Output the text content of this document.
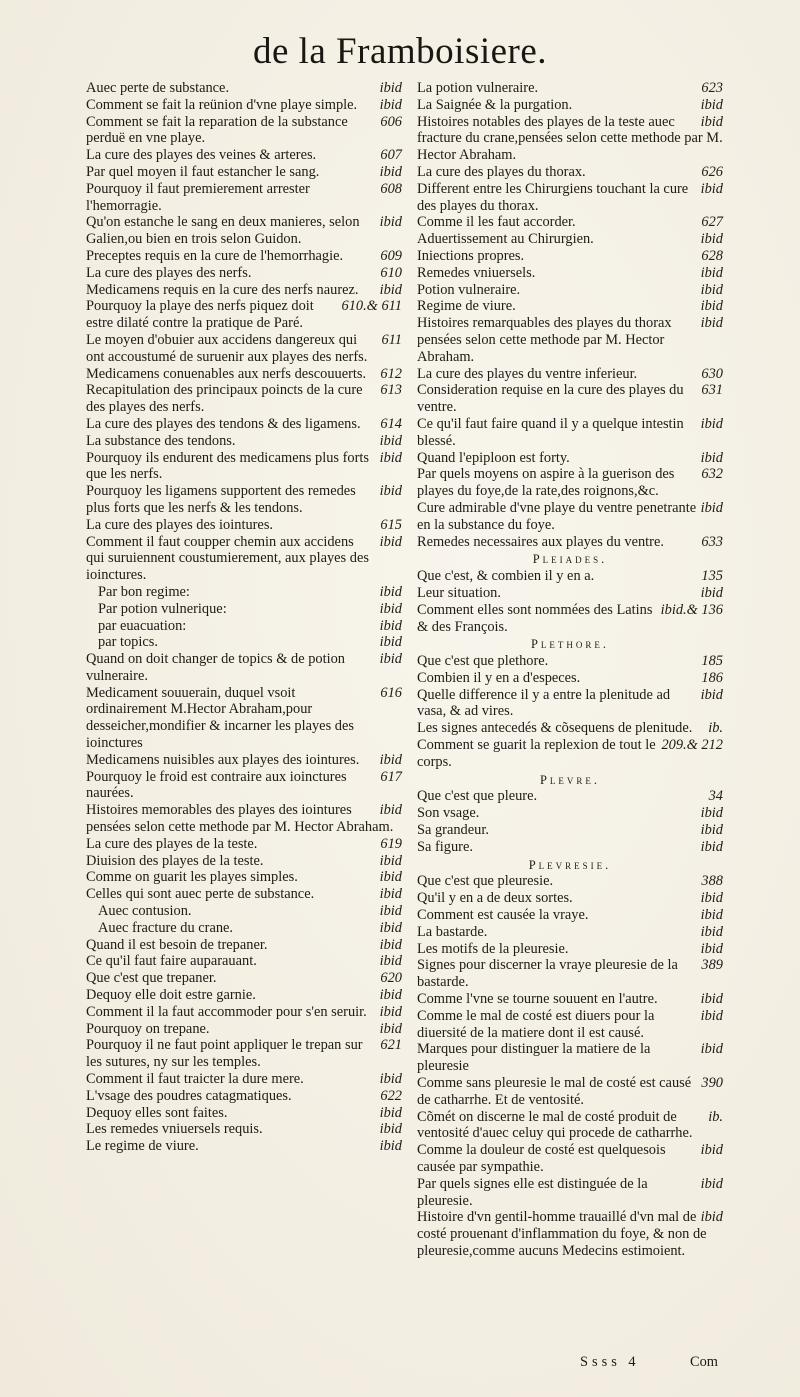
de la Framboisiere.
ibid
Auec perte de substance.
ibid
Comment se fait la reünion d'vne playe simple.
606
Comment se fait la reparation de la substance perduë en vne playe.
607
La cure des playes des veines & arteres.
ibid
Par quel moyen il faut estancher le sang.
608
Pourquoy il faut premierement arrester l'hemorragie.
ibid
Qu'on estanche le sang en deux manieres, selon Galien,ou bien en trois selon Guidon.
609
Preceptes requis en la cure de l'hemorrhagie.
610
La cure des playes des nerfs.
ibid
Medicamens requis en la cure des nerfs naurez.
610.& 611
Pourquoy la playe des nerfs piquez doit estre dilaté contre la pratique de Paré.
611
Le moyen d'obuier aux accidens dangereux qui ont accoustumé de suruenir aux playes des nerfs.
612
Medicamens conuenables aux nerfs descouuerts.
613
Recapitulation des principaux poincts de la cure des playes des nerfs.
614
La cure des playes des tendons & des ligamens.
ibid
La substance des tendons.
ibid
Pourquoy ils endurent des medicamens plus forts que les nerfs.
ibid
Pourquoy les ligamens supportent des remedes plus forts que les nerfs & les tendons.
615
La cure des playes des iointures.
ibid
Comment il faut coupper chemin aux accidens qui suruiennent coustumierement, aux playes des ioinctures.
ibid
Par bon regime:
ibid
Par potion vulnerique:
ibid
par euacuation:
ibid
par topics.
ibid
Quand on doit changer de topics & de potion vulneraire.
616
Medicament souuerain, duquel vsoit ordinairement M.Hector Abraham,pour desseicher,mondifier & incarner les playes des ioinctures
ibid
Medicamens nuisibles aux playes des iointures.
617
Pourquoy le froid est contraire aux ioinctures naurées.
ibid
Histoires memorables des playes des iointures pensées selon cette methode par M. Hector Abraham.
619
La cure des playes de la teste.
ibid
Diuision des playes de la teste.
ibid
Comme on guarit les playes simples.
ibid
Celles qui sont auec perte de substance.
ibid
Auec contusion.
ibid
Auec fracture du crane.
ibid
Quand il est besoin de trepaner.
ibid
Ce qu'il faut faire auparauant.
620
Que c'est que trepaner.
ibid
Dequoy elle doit estre garnie.
ibid
Comment il la faut accommoder pour s'en seruir.
ibid
Pourquoy on trepane.
621
Pourquoy il ne faut point appliquer le trepan sur les sutures, ny sur les temples.
ibid
Comment il faut traicter la dure mere.
622
L'vsage des poudres catagmatiques.
ibid
Dequoy elles sont faites.
ibid
Les remedes vniuersels requis.
ibid
Le regime de viure.
623
La potion vulneraire.
ibid
La Saignée & la purgation.
ibid
Histoires notables des playes de la teste auec fracture du crane,pensées selon cette methode par M. Hector Abraham.
626
La cure des playes du thorax.
ibid
Different entre les Chirurgiens touchant la cure des playes du thorax.
627
Comme il les faut accorder.
ibid
Aduertissement au Chirurgien.
628
Iniections propres.
ibid
Remedes vniuersels.
ibid
Potion vulneraire.
ibid
Regime de viure.
ibid
Histoires remarquables des playes du thorax pensées selon cette methode par M. Hector Abraham.
630
La cure des playes du ventre inferieur.
631
Consideration requise en la cure des playes du ventre.
ibid
Ce qu'il faut faire quand il y a quelque intestin blessé.
ibid
Quand l'epiploon est forty.
632
Par quels moyens on aspire à la guerison des playes du foye,de la rate,des roignons,&c.
ibid
Cure admirable d'vne playe du ventre penetrante en la substance du foye.
633
Remedes necessaires aux playes du ventre.
Pleiades.
135
Que c'est, & combien il y en a.
ibid
Leur situation.
ibid.& 136
Comment elles sont nommées des Latins & des François.
Plethore.
185
Que c'est que plethore.
186
Combien il y en a d'especes.
ibid
Quelle difference il y a entre la plenitude ad vasa, & ad vires.
ib.
Les signes antecedés & cõsequens de plenitude.
209.& 212
Comment se guarit la replexion de tout le corps.
Plevre.
34
Que c'est que pleure.
ibid
Son vsage.
ibid
Sa grandeur.
ibid
Sa figure.
Plevresie.
388
Que c'est que pleuresie.
ibid
Qu'il y en a de deux sortes.
ibid
Comment est causée la vraye.
ibid
La bastarde.
ibid
Les motifs de la pleuresie.
389
Signes pour discerner la vraye pleuresie de la bastarde.
ibid
Comme l'vne se tourne souuent en l'autre.
ibid
Comme le mal de costé est diuers pour la diuersité de la matiere dont il est causé.
ibid
Marques pour distinguer la matiere de la pleuresie
390
Comme sans pleuresie le mal de costé est causé de catharrhe. Et de ventosité.
ib.
Cõmét on discerne le mal de costé produit de ventosité d'auec celuy qui procede de catharrhe.
ibid
Comme la douleur de costé est quelquesois causée par sympathie.
ibid
Par quels signes elle est distinguée de la pleuresie.
ibid
Histoire d'vn gentil-homme trauaillé d'vn mal de costé prouenant d'inflammation du foye, & non de pleuresie,comme aucuns Medecins estimoient.
Ssss 4	Com
